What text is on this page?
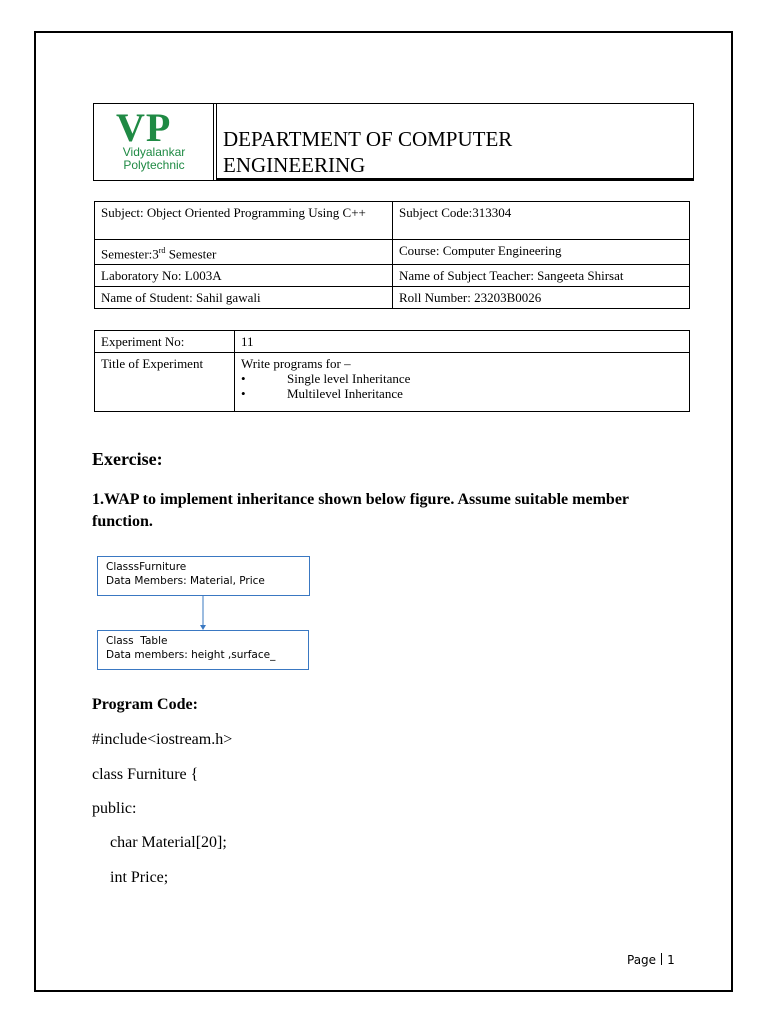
VP
Vidyalankar
Polytechnic
DEPARTMENT OF COMPUTER
ENGINEERING
Subject: Object Oriented Programming Using C++	Subject Code:313304
Semester:3rd Semester	Course: Computer Engineering
Laboratory No: L003A	Name of Subject Teacher: Sangeeta Shirsat
Name of Student: Sahil gawali	Roll Number: 23203B0026
Experiment No:	11
Title of Experiment	Write programs for –
• Single level Inheritance
• Multilevel Inheritance
Exercise:
1.WAP to implement inheritance shown below figure. Assume suitable member function.
ClasssFurniture
Data Members: Material, Price
Class  Table
Data members: height ,surface_
Program Code:
#include<iostream.h>
class Furniture {
public:
char Material[20];
int Price;
Page 1
